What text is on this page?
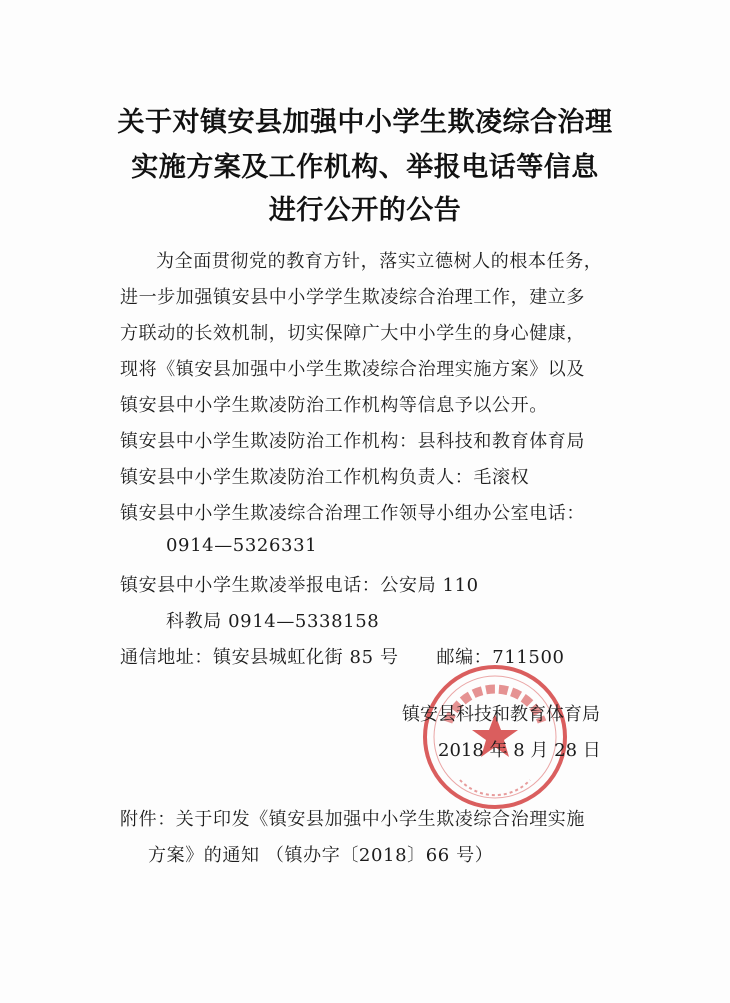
关于对镇安县加强中小学生欺凌综合治理
实施方案及工作机构、举报电话等信息
进行公开的公告
为全面贯彻党的教育方针，落实立德树人的根本任务，
进一步加强镇安县中小学学生欺凌综合治理工作，建立多
方联动的长效机制，切实保障广大中小学生的身心健康，
现将《镇安县加强中小学生欺凌综合治理实施方案》以及
镇安县中小学生欺凌防治工作机构等信息予以公开。
镇安县中小学生欺凌防治工作机构：县科技和教育体育局
镇安县中小学生欺凌防治工作机构负责人：毛滚权
镇安县中小学生欺凌综合治理工作领导小组办公室电话：
0914—5326331
镇安县中小学生欺凌举报电话：公安局 110
科教局 0914—5338158
通信地址：镇安县城虹化街 85 号      邮编：711500
镇安县科技和教育体育局
2018 年 8 月 28 日
附件：关于印发《镇安县加强中小学生欺凌综合治理实施
方案》的通知 （镇办字〔2018〕66 号）
